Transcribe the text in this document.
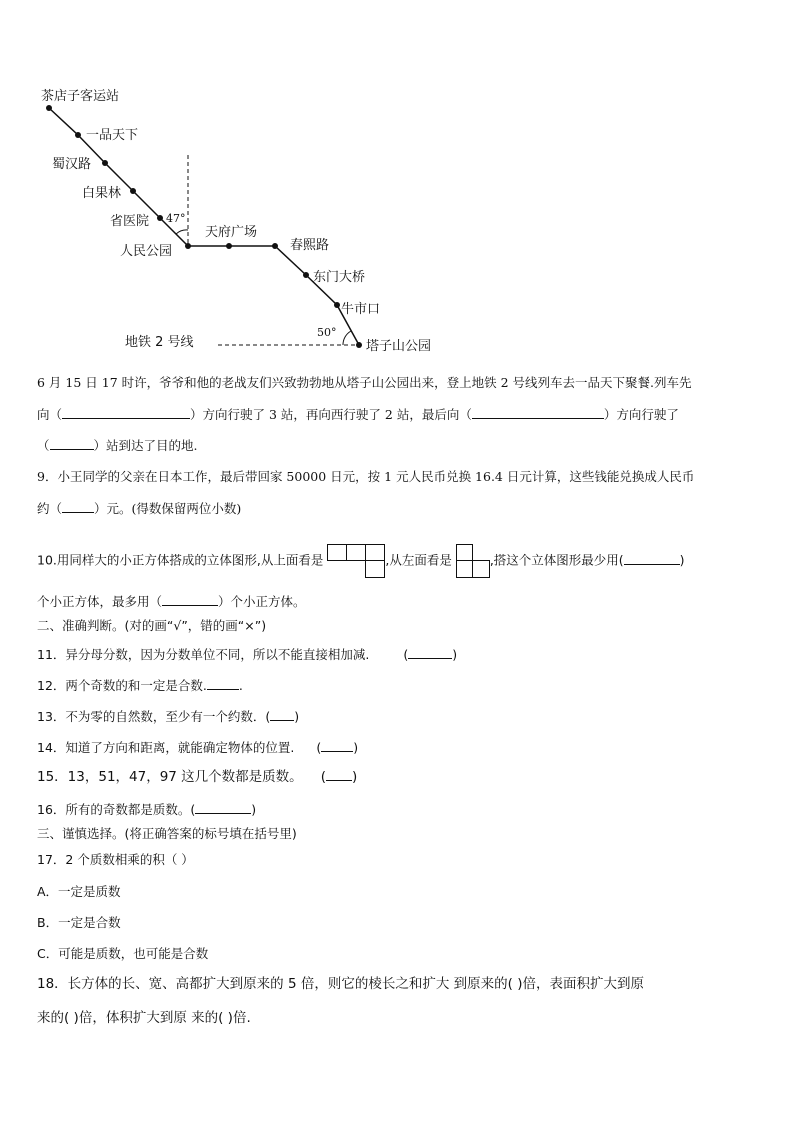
茶店子客运站
一品天下
蜀汉路
白果林
省医院
人民公园
天府广场
春熙路
东门大桥
牛市口
塔子山公园
47°
50°
地铁 2 号线
6 月 15 日 17 时许，爷爷和他的老战友们兴致勃勃地从塔子山公园出来，登上地铁 2 号线列车去一品天下聚餐.列车先
向（	）方向行驶了 3 站，再向西行驶了 2 站，最后向（	）方向行驶了
（	）站到达了目的地.
9．小王同学的父亲在日本工作，最后带回家 50000 日元，按 1 元人民币兑换 16.4 日元计算，这些钱能兑换成人民币
约（	）元。(得数保留两位小数)
10.用同样大的小正方体搭成的立体图形,从上面看是	,从左面看是	,搭这个立体图形最少用(	)
个小正方体，最多用（	）个小正方体。
二、准确判断。(对的画“√”，错的画“×”)
11．异分母分数，因为分数单位不同，所以不能直接相加减.	(	)
12．两个奇数的和一定是合数.	.
13．不为零的自然数，至少有一个约数．( )
14．知道了方向和距离，就能确定物体的位置. (	)
15．13，51，47，97 这几个数都是质数。 ( )
16．所有的奇数都是质数。(	)
三、谨慎选择。(将正确答案的标号填在括号里)
17．2 个质数相乘的积（ ）
A．一定是质数
B．一定是合数
C．可能是质数，也可能是合数
18．长方体的长、宽、高都扩大到原来的 5 倍，则它的棱长之和扩大 到原来的( )倍，表面积扩大到原
来的( )倍，体积扩大到原 来的( )倍.
